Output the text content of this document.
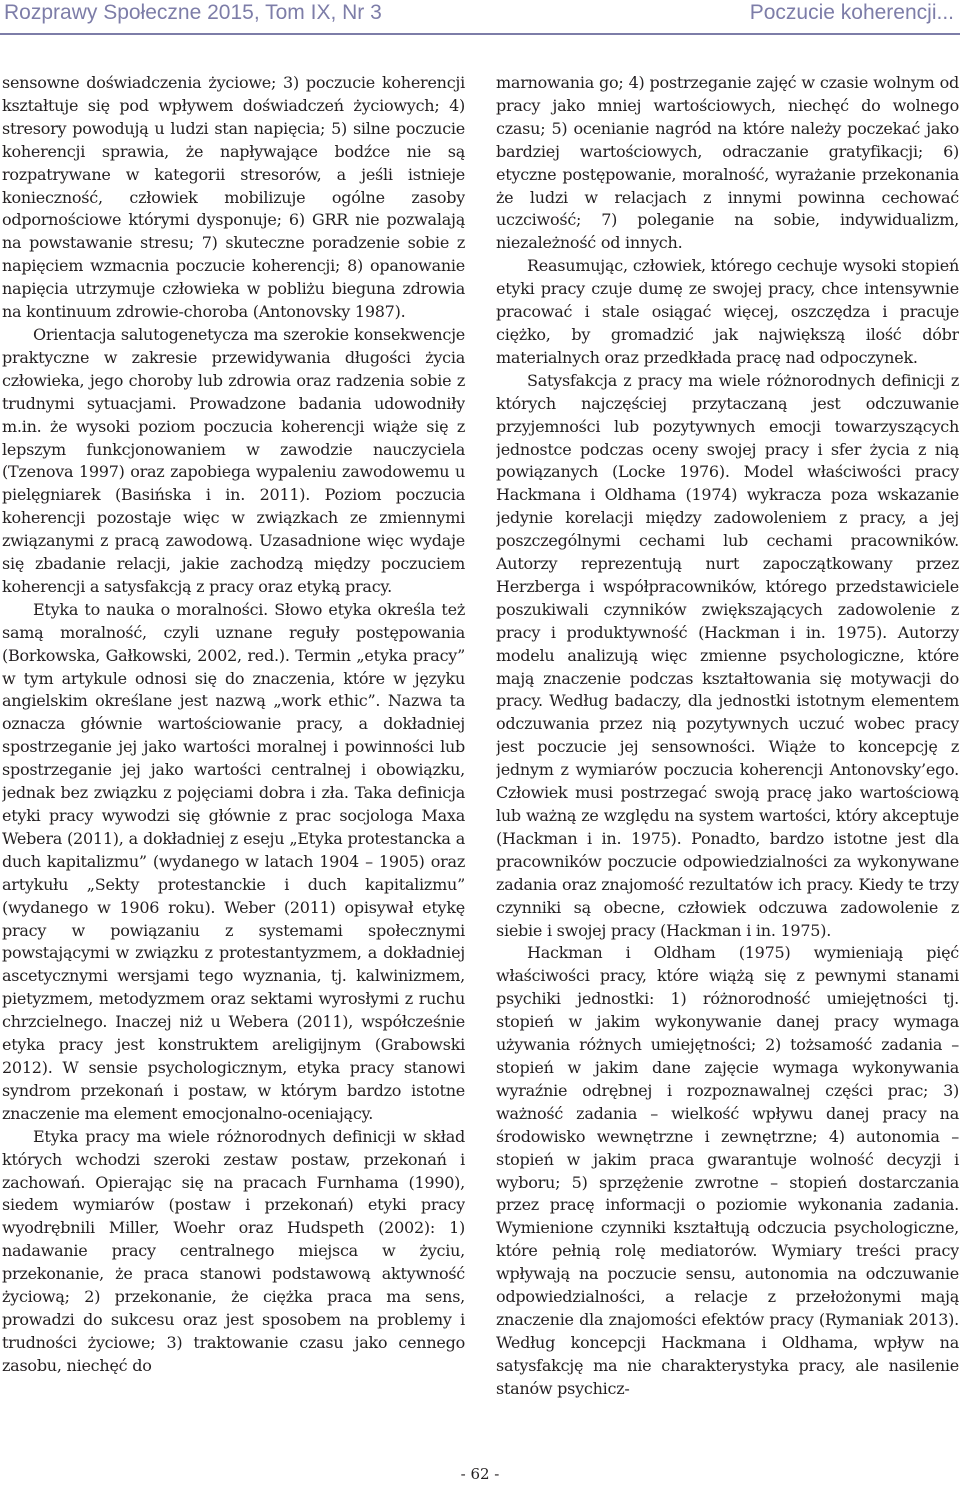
Rozprawy Społeczne 2015, Tom IX, Nr 3	Poczucie koherencji...

sensowne doświadczenia życiowe; 3) poczucie koherencji kształtuje się pod wpływem doświadczeń życiowych; 4) stresory powodują u ludzi stan napięcia; 5) silne poczucie koherencji sprawia, że napływające bodźce nie są rozpatrywane w kategorii stresorów, a jeśli istnieje konieczność, człowiek mobilizuje ogólne zasoby odpornościowe którymi dysponuje; 6) GRR nie pozwalają na powstawanie stresu; 7) skuteczne poradzenie sobie z napięciem wzmacnia poczucie koherencji; 8) opanowanie napięcia utrzymuje człowieka w pobliżu bieguna zdrowia na kontinuum zdrowie-choroba (Antonovsky 1987).

Orientacja salutogenetycza ma szerokie konsekwencje praktyczne w zakresie przewidywania długości życia człowieka, jego choroby lub zdrowia oraz radzenia sobie z trudnymi sytuacjami. Prowadzone badania udowodniły m.in. że wysoki poziom poczucia koherencji wiąże się z lepszym funkcjonowaniem w zawodzie nauczyciela (Tzenova 1997) oraz zapobiega wypaleniu zawodowemu u pielęgniarek (Basińska i in. 2011). Poziom poczucia koherencji pozostaje więc w związkach ze zmiennymi związanymi z pracą zawodową. Uzasadnione więc wydaje się zbadanie relacji, jakie zachodzą między poczuciem koherencji a satysfakcją z pracy oraz etyką pracy.

Etyka to nauka o moralności. Słowo etyka określa też samą moralność, czyli uznane reguły postępowania (Borkowska, Gałkowski, 2002, red.). Termin „etyka pracy” w tym artykule odnosi się do znaczenia, które w języku angielskim określane jest nazwą „work ethic”. Nazwa ta oznacza głównie wartościowanie pracy, a dokładniej spostrzeganie jej jako wartości moralnej i powinności lub spostrzeganie jej jako wartości centralnej i obowiązku, jednak bez związku z pojęciami dobra i zła. Taka definicja etyki pracy wywodzi się głównie z prac socjologa Maxa Webera (2011), a dokładniej z eseju „Etyka protestancka a duch kapitalizmu” (wydanego w latach 1904 – 1905) oraz artykułu „Sekty protestanckie i duch kapitalizmu” (wydanego w 1906 roku). Weber (2011) opisywał etykę pracy w powiązaniu z systemami społecznymi powstającymi w związku z protestantyzmem, a dokładniej ascetycznymi wersjami tego wyznania, tj. kalwinizmem, pietyzmem, metodyzmem oraz sektami wyrosłymi z ruchu chrzcielnego. Inaczej niż u Webera (2011), współcześnie etyka pracy jest konstruktem areligijnym (Grabowski 2012). W sensie psychologicznym, etyka pracy stanowi syndrom przekonań i postaw, w którym bardzo istotne znaczenie ma element emocjonalno-oceniający.

Etyka pracy ma wiele różnorodnych definicji w skład których wchodzi szeroki zestaw postaw, przekonań i zachowań. Opierając się na pracach Furnhama (1990), siedem wymiarów (postaw i przekonań) etyki pracy wyodrębnili Miller, Woehr oraz Hudspeth (2002): 1) nadawanie pracy centralnego miejsca w życiu, przekonanie, że praca stanowi podstawową aktywność życiową; 2) przekonanie, że ciężka praca ma sens, prowadzi do sukcesu oraz jest sposobem na problemy i trudności życiowe; 3) traktowanie czasu jako cennego zasobu, niechęć do

marnowania go; 4) postrzeganie zajęć w czasie wolnym od pracy jako mniej wartościowych, niechęć do wolnego czasu; 5) ocenianie nagród na które należy poczekać jako bardziej wartościowych, odraczanie gratyfikacji; 6) etyczne postępowanie, moralność, wyrażanie przekonania że ludzi w relacjach z innymi powinna cechować uczciwość; 7) poleganie na sobie, indywidualizm, niezależność od innych.

Reasumując, człowiek, którego cechuje wysoki stopień etyki pracy czuje dumę ze swojej pracy, chce intensywnie pracować i stale osiągać więcej, oszczędza i pracuje ciężko, by gromadzić jak największą ilość dóbr materialnych oraz przedkłada pracę nad odpoczynek.

Satysfakcja z pracy ma wiele różnorodnych definicji z których najczęściej przytaczaną jest odczuwanie przyjemności lub pozytywnych emocji towarzyszących jednostce podczas oceny swojej pracy i sfer życia z nią powiązanych (Locke 1976). Model właściwości pracy Hackmana i Oldhama (1974) wykracza poza wskazanie jedynie korelacji między zadowoleniem z pracy, a jej poszczególnymi cechami lub cechami pracowników. Autorzy reprezentują nurt zapoczątkowany przez Herzberga i współpracowników, którego przedstawiciele poszukiwali czynników zwiększających zadowolenie z pracy i produktywność (Hackman i in. 1975). Autorzy modelu analizują więc zmienne psychologiczne, które mają znaczenie podczas kształtowania się motywacji do pracy. Według badaczy, dla jednostki istotnym elementem odczuwania przez nią pozytywnych uczuć wobec pracy jest poczucie jej sensowności. Wiąże to koncepcję z jednym z wymiarów poczucia koherencji Antonovsky’ego. Człowiek musi postrzegać swoją pracę jako wartościową lub ważną ze względu na system wartości, który akceptuje (Hackman i in. 1975). Ponadto, bardzo istotne jest dla pracowników poczucie odpowiedzialności za wykonywane zadania oraz znajomość rezultatów ich pracy. Kiedy te trzy czynniki są obecne, człowiek odczuwa zadowolenie z siebie i swojej pracy (Hackman i in. 1975).

Hackman i Oldham (1975) wymieniają pięć właściwości pracy, które wiążą się z pewnymi stanami psychiki jednostki: 1) różnorodność umiejętności tj. stopień w jakim wykonywanie danej pracy wymaga używania różnych umiejętności; 2) tożsamość zadania – stopień w jakim dane zajęcie wymaga wykonywania wyraźnie odrębnej i rozpoznawalnej części prac; 3) ważność zadania – wielkość wpływu danej pracy na środowisko wewnętrzne i zewnętrzne; 4) autonomia – stopień w jakim praca gwarantuje wolność decyzji i wyboru; 5) sprzężenie zwrotne – stopień dostarczania przez pracę informacji o poziomie wykonania zadania. Wymienione czynniki kształtują odczucia psychologiczne, które pełnią rolę mediatorów. Wymiary treści pracy wpływają na poczucie sensu, autonomia na odczuwanie odpowiedzialności, a relacje z przełożonymi mają znaczenie dla znajomości efektów pracy (Rymaniak 2013). Według koncepcji Hackmana i Oldhama, wpływ na satysfakcję ma nie charakterystyka pracy, ale nasilenie stanów psychicz-

- 62 -
